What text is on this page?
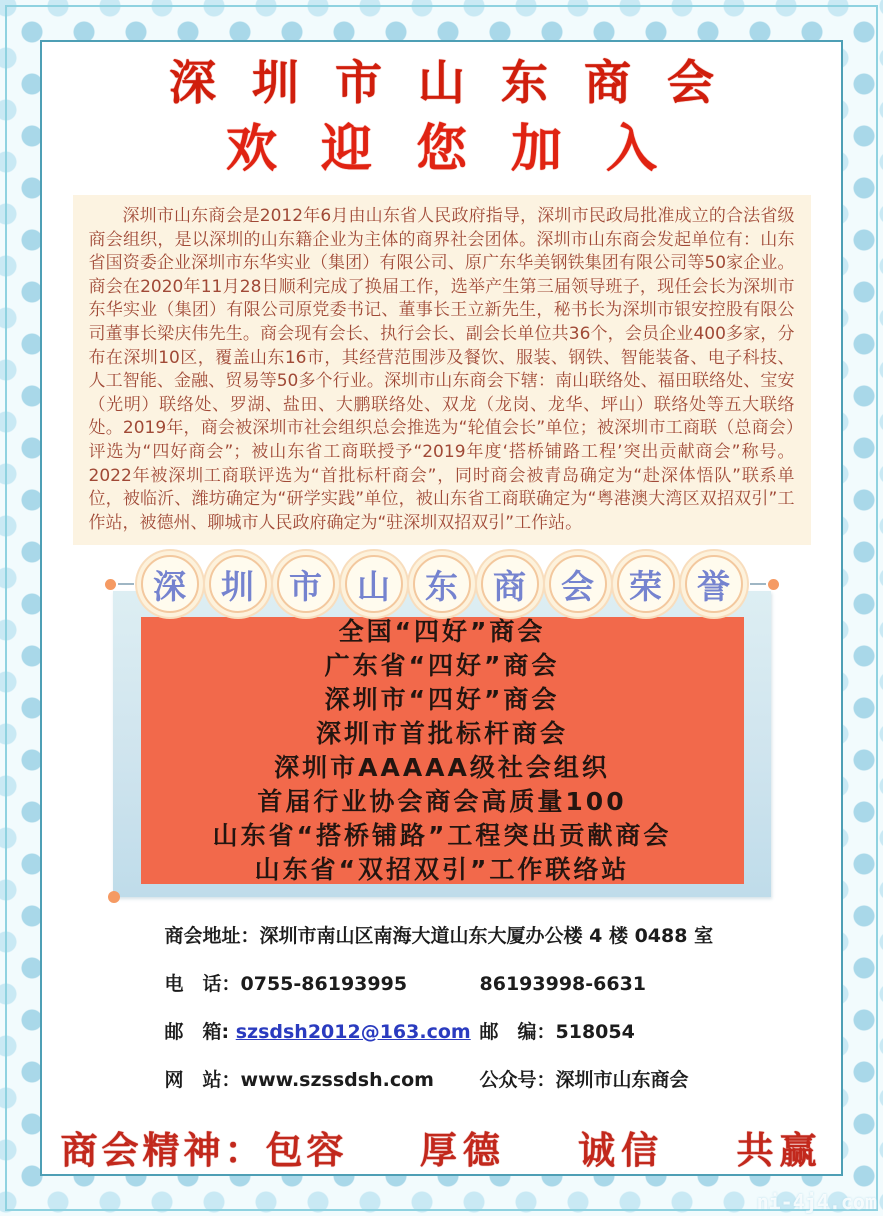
深圳市山东商会
欢迎您加入
深圳市山东商会是2012年6月由山东省人民政府指导，深圳市民政局批准成立的合法省级商会组织，是以深圳的山东籍企业为主体的商界社会团体。深圳市山东商会发起单位有：山东省国资委企业深圳市东华实业（集团）有限公司、原广东华美钢铁集团有限公司等50家企业。商会在2020年11月28日顺利完成了换届工作，选举产生第三届领导班子，现任会长为深圳市东华实业（集团）有限公司原党委书记、董事长王立新先生，秘书长为深圳市银安控股有限公司董事长梁庆伟先生。商会现有会长、执行会长、副会长单位共36个，会员企业400多家，分布在深圳10区，覆盖山东16市，其经营范围涉及餐饮、服装、钢铁、智能装备、电子科技、人工智能、金融、贸易等50多个行业。深圳市山东商会下辖：南山联络处、福田联络处、宝安（光明）联络处、罗湖、盐田、大鹏联络处、双龙（龙岗、龙华、坪山）联络处等五大联络处。2019年，商会被深圳市社会组织总会推选为“轮值会长”单位；被深圳市工商联（总商会）评选为“四好商会”；被山东省工商联授予“2019年度‘搭桥铺路工程’突出贡献商会”称号。2022年被深圳工商联评选为“首批标杆商会”，同时商会被青岛确定为“赴深体悟队”联系单位，被临沂、潍坊确定为“研学实践”单位，被山东省工商联确定为“粤港澳大湾区双招双引”工作站，被德州、聊城市人民政府确定为“驻深圳双招双引”工作站。
深 圳 市 山 东 商 会 荣 誉
全国“四好”商会
广东省“四好”商会
深圳市“四好”商会
深圳市首批标杆商会
深圳市AAAAA级社会组织
首届行业协会商会高质量100
山东省“搭桥铺路”工程突出贡献商会
山东省“双招双引”工作联络站
商会地址：深圳市南山区南海大道山东大厦办公楼 4 楼 0488 室
电　话：0755-86193995	86193998-6631
邮　箱: szsdsh2012@163.com 邮　编：518054
网　站：www.szssdsh.com	公众号：深圳市山东商会
商会精神：包容 厚德 诚信 共赢
ni-4j4.com
